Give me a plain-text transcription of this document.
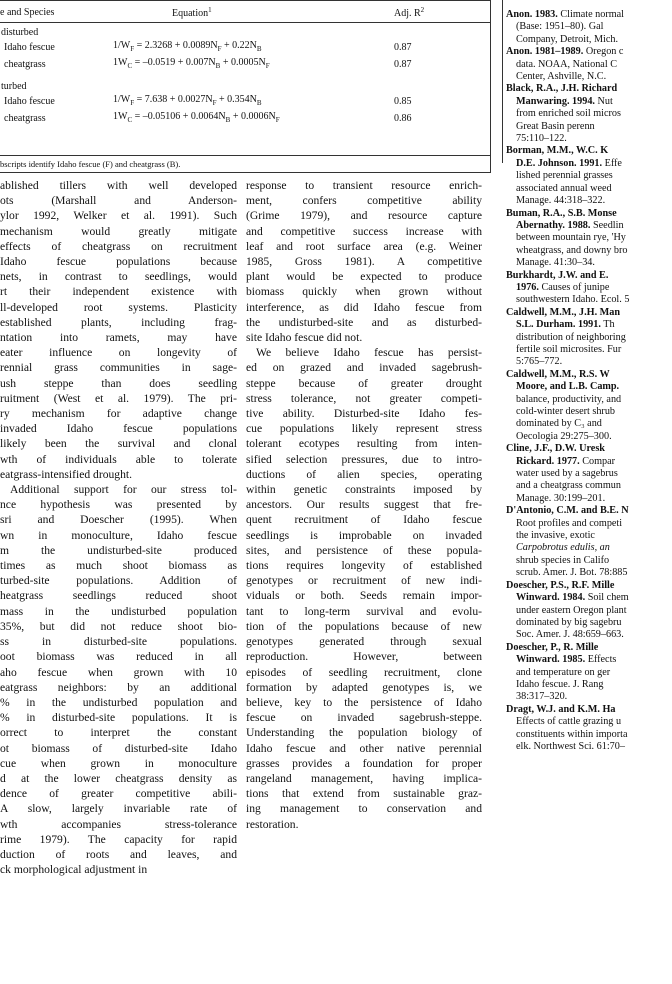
e and Species	Equation$^1$	Adj. $R^2$
disturbed		
Idaho fescue	$1/W_F = 2.3268 + 0.0089N_F + 0.22N_B$	0.87
cheatgrass	$1W_C = -0.0519 + 0.007N_B + 0.0005N_F$	0.87
turbed		
Idaho fescue	$1/W_F = 7.638 + 0.0027N_F + 0.354N_B$	0.85
cheatgrass	$1W_C = -0.05106 + 0.0064N_B + 0.0006N_F$	0.86
bscripts identify Idaho fescue (F) and cheatgrass (B).
ablished tillers with well developed
ots (Marshall and Anderson-
ylor 1992, Welker et al. 1991). Such
mechanism would greatly mitigate
effects of cheatgrass on recruitment
Idaho fescue populations because
nets, in contrast to seedlings, would
rt their independent existence with
ll-developed root systems. Plasticity
established plants, including frag-
ntation into ramets, may have
eater influence on longevity of
rennial grass communities in sage-
ush steppe than does seedling
ruitment (West et al. 1979). The pri-
ry mechanism for adaptive change
invaded Idaho fescue populations
likely been the survival and clonal
wth of individuals able to tolerate
eatgrass-intensified drought.
Additional support for our stress tol-
nce hypothesis was presented by
sri and Doescher (1995). When
wn in monoculture, Idaho fescue
m the undisturbed-site produced
times as much shoot biomass as
turbed-site populations. Addition of
heatgrass seedlings reduced shoot
mass in the undisturbed population
35%, but did not reduce shoot bio-
ss in disturbed-site populations.
oot biomass was reduced in all
aho fescue when grown with 10
eatgrass neighbors: by an additional
% in the undisturbed population and
% in disturbed-site populations. It is
orrect to interpret the constant
ot biomass of disturbed-site Idaho
cue when grown in monoculture
d at the lower cheatgrass density as
dence of greater competitive abili-
A slow, largely invariable rate of
wth accompanies stress-tolerance
rime 1979). The capacity for rapid
duction of roots and leaves, and
ck morphological adjustment in
response to transient resource enrich-
ment, confers competitive ability
(Grime 1979), and resource capture
and competitive success increase with
leaf and root surface area (e.g. Weiner
1985, Gross 1981). A competitive
plant would be expected to produce
biomass quickly when grown without
interference, as did Idaho fescue from
the undisturbed-site and as disturbed-
site Idaho fescue did not.
We believe Idaho fescue has persist-
ed on grazed and invaded sagebrush-
steppe because of greater drought
stress tolerance, not greater competi-
tive ability. Disturbed-site Idaho fes-
cue populations likely represent stress
tolerant ecotypes resulting from inten-
sified selection pressures, due to intro-
ductions of alien species, operating
within genetic constraints imposed by
ancestors. Our results suggest that fre-
quent recruitment of Idaho fescue
seedlings is improbable on invaded
sites, and persistence of these popula-
tions requires longevity of established
genotypes or recruitment of new indi-
viduals or both. Seeds remain impor-
tant to long-term survival and evolu-
tion of the populations because of new
genotypes generated through sexual
reproduction. However, between
episodes of seedling recruitment, clone
formation by adapted genotypes is, we
believe, key to the persistence of Idaho
fescue on invaded sagebrush-steppe.
Understanding the population biology of
Idaho fescue and other native perennial
grasses provides a foundation for proper
rangeland management, having implica-
tions that extend from sustainable graz-
ing management to conservation and
restoration.
Anon. 1983. Climate normal
(Base: 1951–80). Gal
Company, Detroit, Mich.
Anon. 1981–1989. Oregon c
data. NOAA, National C
Center, Ashville, N.C.
Black, R.A., J.H. Richard
Manwaring. 1994. Nut
from enriched soil micros
Great Basin perenn
75:110–122.
Borman, M.M., W.C. K
D.E. Johnson. 1991. Effe
lished perennial grasses
associated annual weed
Manage. 44:318–322.
Buman, R.A., S.B. Monse
Abernathy. 1988. Seedlin
between mountain rye, 'Hy
wheatgrass, and downy bro
Manage. 41:30–34.
Burkhardt, J.W. and E.
1976. Causes of junipe
southwestern Idaho. Ecol. 5
Caldwell, M.M., J.H. Man
S.L. Durham. 1991. Th
distribution of neighboring
fertile soil microsites. Fur
5:765–772.
Caldwell, M.M., R.S. W
Moore, and L.B. Camp.
balance, productivity, and
cold-winter desert shrub
dominated by C₃ and
Oecologia 29:275–300.
Cline, J.F., D.W. Uresk
Rickard. 1977. Compar
water used by a sagebrus
and a cheatgrass commun
Manage. 30:199–201.
D'Antonio, C.M. and B.E. N
Root profiles and competi
the invasive, exotic
Carpobrotus edulis, an
shrub species in Califo
scrub. Amer. J. Bot. 78:885
Doescher, P.S., R.F. Mille
Winward. 1984. Soil chem
under eastern Oregon plant
dominated by big sagebru
Soc. Amer. J. 48:659–663.
Doescher, P., R. Mille
Winward. 1985. Effects
and temperature on ger
Idaho fescue. J. Rang
38:317–320.
Dragt, W.J. and K.M. Ha
Effects of cattle grazing u
constituents within importa
elk. Northwest Sci. 61:70–
